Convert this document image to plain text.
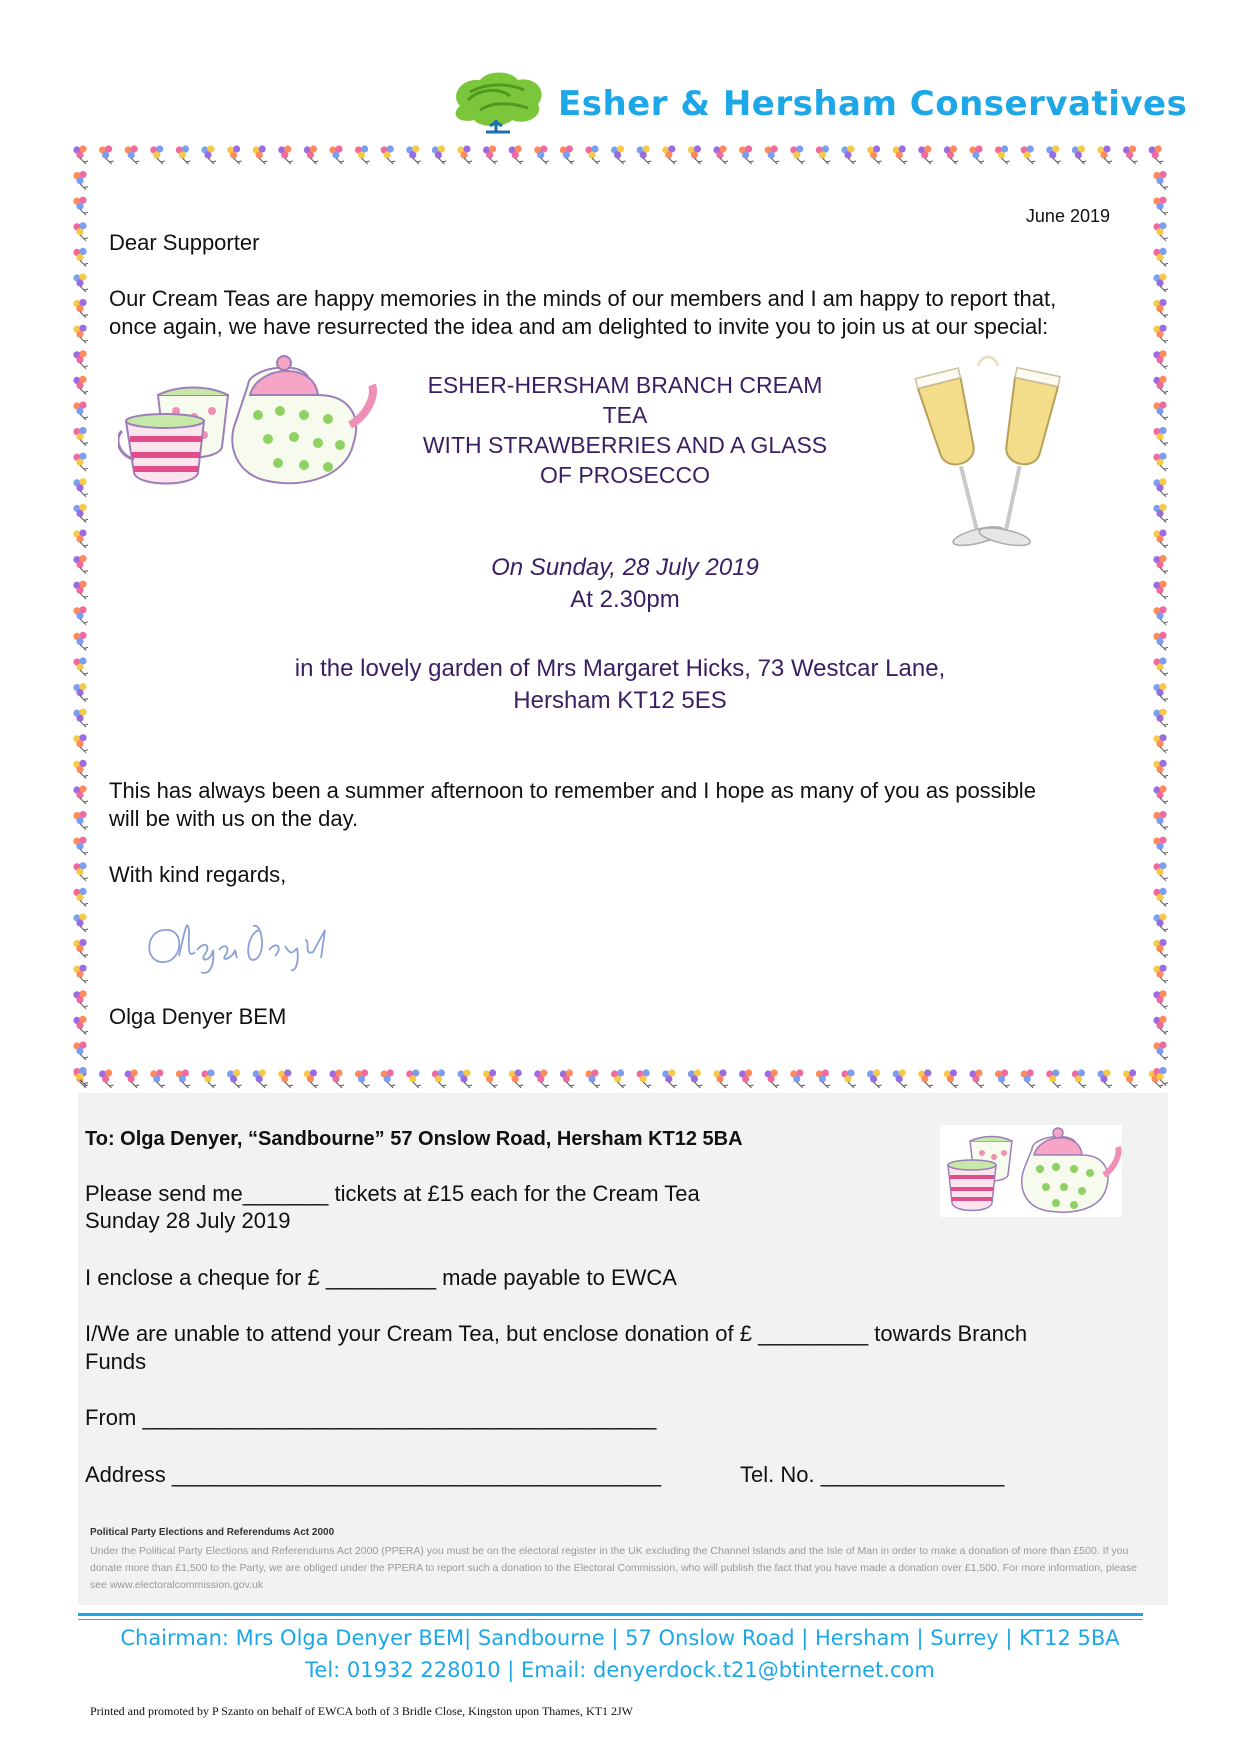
Esher & Hersham Conservatives
June 2019
Dear Supporter
Our Cream Teas are happy memories in the minds of our members and I am happy to report that,
once again, we have resurrected the idea and am delighted to invite you to join us at our special:
ESHER-HERSHAM BRANCH CREAM
TEA
WITH STRAWBERRIES AND A GLASS
OF PROSECCO
On Sunday, 28 July 2019
At 2.30pm
in the lovely garden of Mrs Margaret Hicks, 73 Westcar Lane,
Hersham KT12 5ES
This has always been a summer afternoon to remember and I hope as many of you as possible
will be with us on the day.
With kind regards,
Olga Denyer BEM
To: Olga Denyer, “Sandbourne” 57 Onslow Road, Hersham KT12 5BA
Please send me_______ tickets at £15 each for the Cream Tea
Sunday 28 July 2019
I enclose a cheque for £ _________ made payable to EWCA
I/We are unable to attend your Cream Tea, but enclose donation of £ _________ towards Branch
Funds
From __________________________________________
Address ________________________________________	Tel. No. _______________
Political Party Elections and Referendums Act 2000
Under the Political Party Elections and Referendums Act 2000 (PPERA) you must be on the electoral register in the UK excluding the Channel Islands and the Isle of Man in order to make a donation of more than £500. If you donate more than £1,500 to the Party, we are obliged under the PPERA to report such a donation to the Electoral Commission, who will publish the fact that you have made a donation over £1,500. For more information, please see www.electoralcommission.gov.uk
Chairman: Mrs Olga Denyer BEM| Sandbourne | 57 Onslow Road | Hersham | Surrey | KT12 5BA
Tel: 01932 228010 | Email: denyerdock.t21@btinternet.com
Printed and promoted by P Szanto on behalf of EWCA both of 3 Bridle Close, Kingston upon Thames, KT1 2JW
